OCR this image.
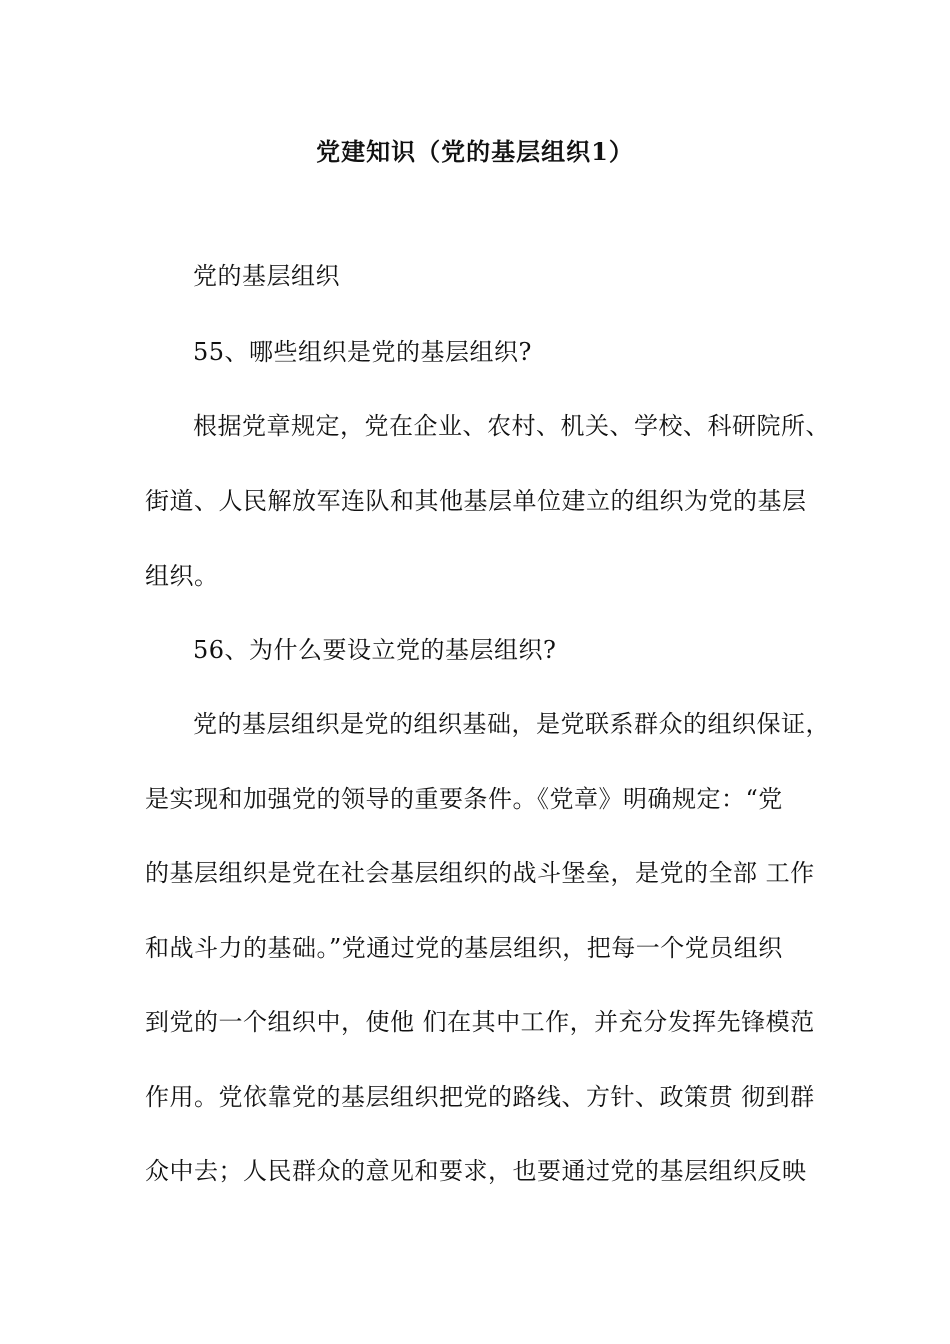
党建知识（党的基层组织1）
党的基层组织
55、哪些组织是党的基层组织?
根据党章规定，党在企业、农村、机关、学校、科研院所、
街道、人民解放军连队和其他基层单位建立的组织为党的基层
组织。
56、为什么要设立党的基层组织?
党的基层组织是党的组织基础，是党联系群众的组织保证，
是实现和加强党的领导的重要条件。《党章》明确规定：“党
的基层组织是党在社会基层组织的战斗堡垒，是党的全部 工作
和战斗力的基础。”党通过党的基层组织，把每一个党员组织
到党的一个组织中，使他 们在其中工作，并充分发挥先锋模范
作用。党依靠党的基层组织把党的路线、方针、政策贯 彻到群
众中去；人民群众的意见和要求，也要通过党的基层组织反映
